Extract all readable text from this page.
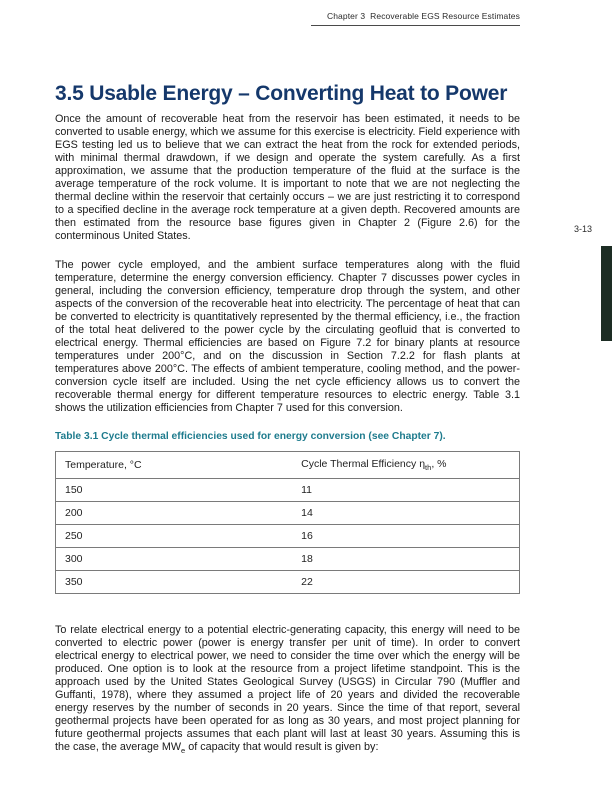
Chapter 3  Recoverable EGS Resource Estimates
3-13
3.5 Usable Energy – Converting Heat to Power

Once the amount of recoverable heat from the reservoir has been estimated, it needs to be converted to usable energy, which we assume for this exercise is electricity. Field experience with EGS testing led us to believe that we can extract the heat from the rock for extended periods, with minimal thermal drawdown, if we design and operate the system carefully. As a first approximation, we assume that the production temperature of the fluid at the surface is the average temperature of the rock volume. It is important to note that we are not neglecting the thermal decline within the reservoir that certainly occurs – we are just restricting it to correspond to a specified decline in the average rock temperature at a given depth. Recovered amounts are then estimated from the resource base figures given in Chapter 2 (Figure 2.6) for the conterminous United States.

The power cycle employed, and the ambient surface temperatures along with the fluid temperature, determine the energy conversion efficiency. Chapter 7 discusses power cycles in general, including the conversion efficiency, temperature drop through the system, and other aspects of the conversion of the recoverable heat into electricity. The percentage of heat that can be converted to electricity is quantitatively represented by the thermal efficiency, i.e., the fraction of the total heat delivered to the power cycle by the circulating geofluid that is converted to electrical energy. Thermal efficiencies are based on Figure 7.2 for binary plants at resource temperatures under 200°C, and on the discussion in Section 7.2.2 for flash plants at temperatures above 200°C. The effects of ambient temperature, cooling method, and the power-conversion cycle itself are included. Using the net cycle efficiency allows us to convert the recoverable thermal energy for different temperature resources to electric energy. Table 3.1 shows the utilization efficiencies from Chapter 7 used for this conversion.

Table 3.1 Cycle thermal efficiencies used for energy conversion (see Chapter 7).

Temperature, °C	Cycle Thermal Efficiency $\eta_{th}$, %
150	11
200	14
250	16
300	18
350	22

To relate electrical energy to a potential electric-generating capacity, this energy will need to be converted to electric power (power is energy transfer per unit of time). In order to convert electrical energy to electrical power, we need to consider the time over which the energy will be produced. One option is to look at the resource from a project lifetime standpoint. This is the approach used by the United States Geological Survey (USGS) in Circular 790 (Muffler and Guffanti, 1978), where they assumed a project life of 20 years and divided the recoverable energy reserves by the number of seconds in 20 years. Since the time of that report, several geothermal projects have been operated for as long as 30 years, and most project planning for future geothermal projects assumes that each plant will last at least 30 years. Assuming this is the case, the average $MW_e$ of capacity that would result is given by:
